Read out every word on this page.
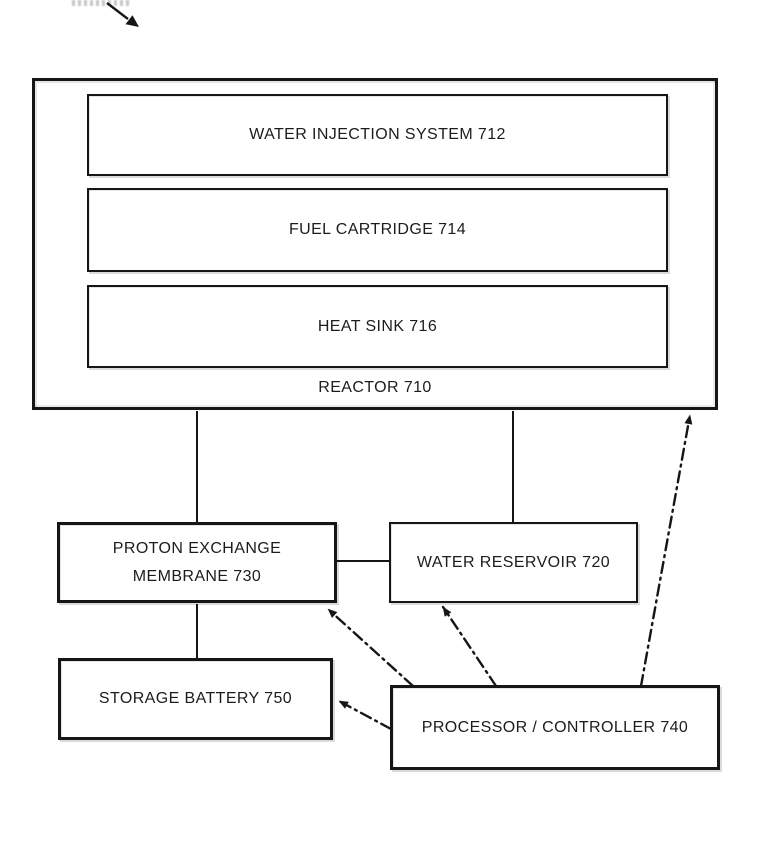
REACTOR 710
WATER INJECTION SYSTEM 712
FUEL CARTRIDGE 714
HEAT SINK 716
PROTON EXCHANGE MEMBRANE 730
WATER RESERVOIR 720
STORAGE BATTERY 750
PROCESSOR / CONTROLLER 740
